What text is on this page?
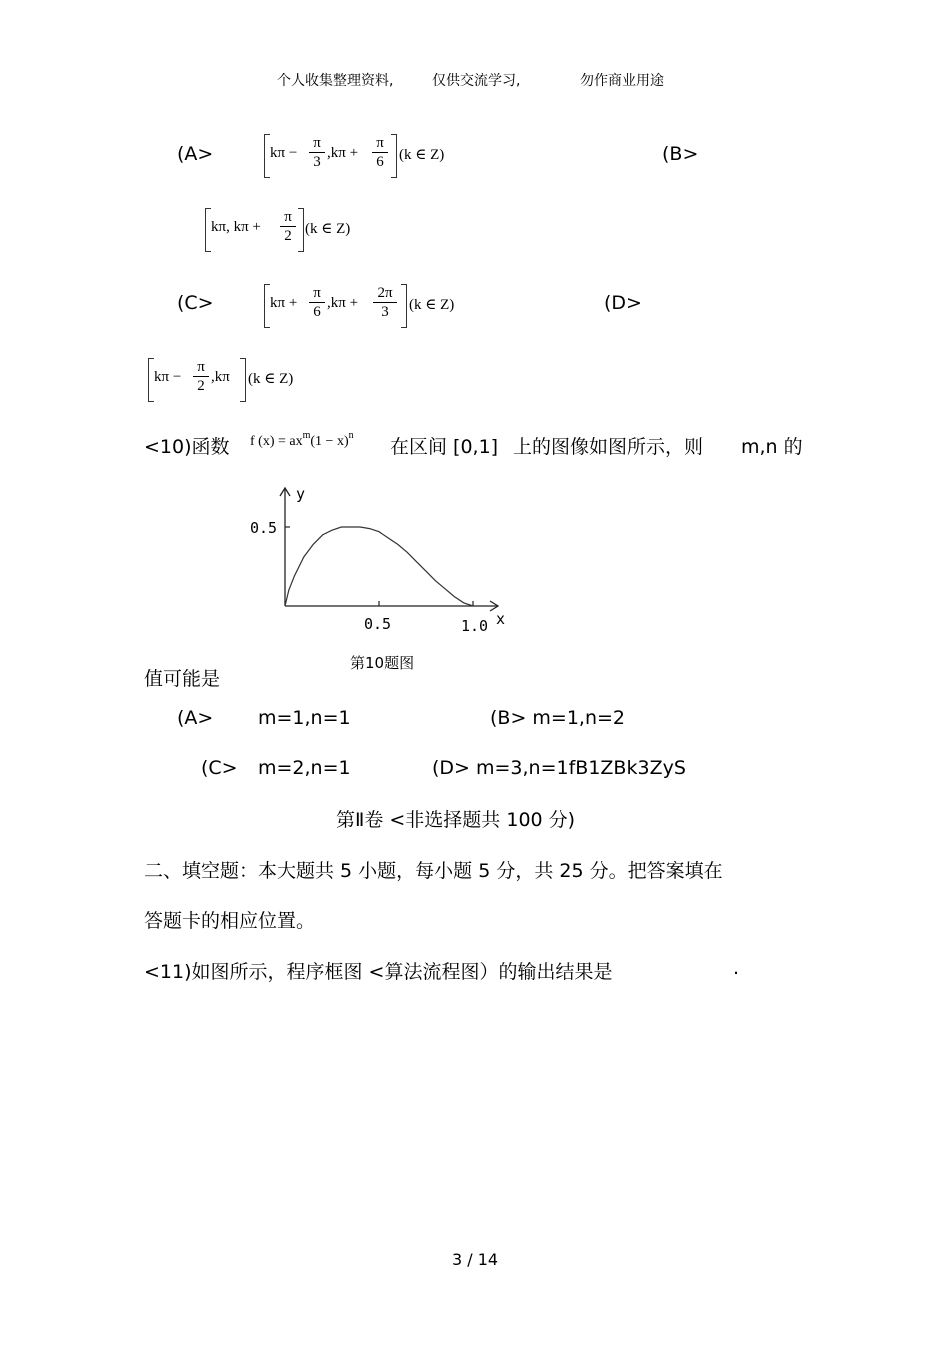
个人收集整理资料,	仅供交流学习,	勿作商业用途
(A>	kπ −
π
3
,kπ +
π
6	(k ∈ Z)	(B>
kπ, kπ +
π
2 (k ∈ Z)
(C>	kπ +
π
6
,kπ +
2π
3	(k ∈ Z)	(D>
kπ −
π
2
,kπ (k ∈ Z)
<10)函数 f $(x) = ax^m(1 - x)^n$
在区间 [0,1] 上的图像如图所示，则 m,n 的
y
x
0.5
0.5	1.0
第10题图
值可能是
(A> m=1,n=1	(B> m=1,n=2
(C> m=2,n=1	(D> m=3,n=1fB1ZBk3ZyS
第Ⅱ卷 <非选择题共 100 分)
二、填空题：本大题共 5 小题，每小题 5 分，共 25 分。把答案填在
答题卡的相应位置。
<11)如图所示，程序框图 <算法流程图）的输出结果是	.
3 / 14
